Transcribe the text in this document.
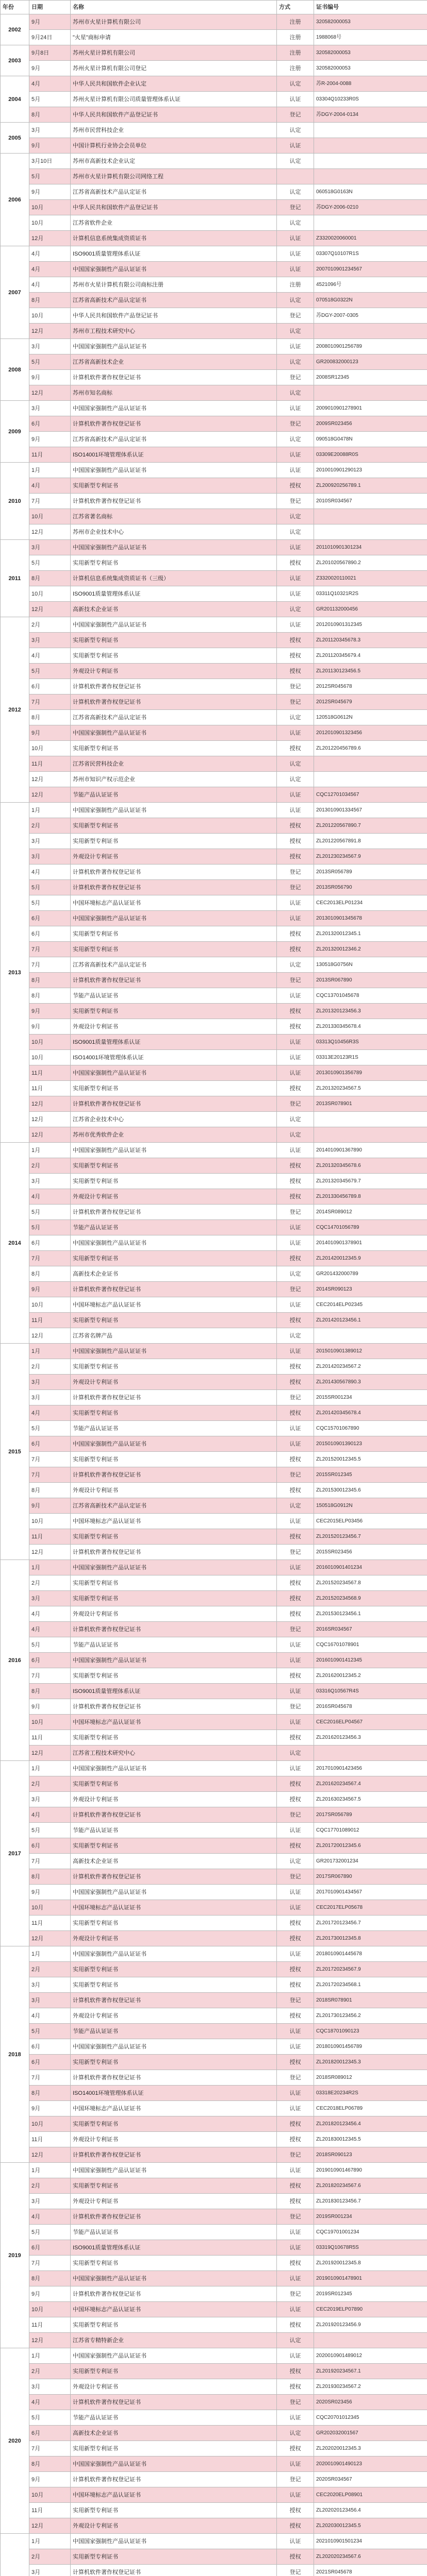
年份	日期	名称	方式	证书编号
2002	9月	苏州市火星计算机有限公司	注册	320582000053
	9月24日	"火星"商标申请	注册	1988068号
2003	9月8日	苏州火星计算机有限公司	注册	320582000053
	9月	苏州火星计算机有限公司登记	注册	320582000053
2004	4月	中华人民共和国软件企业认定	认定	苏R-2004-0088
	5月	苏州火星计算机有限公司质量管理体系认证	认证	03304Q10233R0S
	8月	中华人民共和国软件产品登记证书	登记	苏DGY-2004-0134
2005	3月	苏州市民营科技企业	认定	
	9月	中国计算机行业协会会员单位	认证	
2006	3月10日	苏州市高新技术企业认定	认定	
	5月	苏州市火星计算机有限公司网络工程		
	9月	江苏省高新技术产品认定证书	认定	060518G0163N
	10月	中华人民共和国软件产品登记证书	登记	苏DGY-2006-0210
	10月	江苏省软件企业	认定	
	12月	计算机信息系统集成资质证书	认证	Z3320020060001
2007	4月	ISO9001质量管理体系认证	认证	03307Q10107R1S
	4月	中国国家强制性产品认证证书	认证	2007010901234567
	4月	苏州市火星计算机有限公司商标注册	注册	4521096号
	8月	江苏省高新技术产品认定证书	认定	070518G0322N
	10月	中华人民共和国软件产品登记证书	登记	苏DGY-2007-0305
	12月	苏州市工程技术研究中心	认定	
2008	3月	中国国家强制性产品认证证书	认证	2008010901256789
	5月	江苏省高新技术企业	认定	GR200832000123
	9月	计算机软件著作权登记证书	登记	2008SR12345
	12月	苏州市知名商标	认定	
2009	3月	中国国家强制性产品认证证书	认证	2009010901278901
	6月	计算机软件著作权登记证书	登记	2009SR023456
	9月	江苏省高新技术产品认定证书	认定	090518G0478N
	11月	ISO14001环境管理体系认证	认证	03309E20088R0S
2010	1月	中国国家强制性产品认证证书	认证	2010010901290123
	4月	实用新型专利证书	授权	ZL200920256789.1
	7月	计算机软件著作权登记证书	登记	2010SR034567
	10月	江苏省著名商标	认定	
	12月	苏州市企业技术中心	认定	
2011	3月	中国国家强制性产品认证证书	认证	2011010901301234
	5月	实用新型专利证书	授权	ZL201020567890.2
	8月	计算机信息系统集成资质证书（三级）	认证	Z3320020110021
	10月	ISO9001质量管理体系认证	认证	03311Q10321R2S
	12月	高新技术企业证书	认定	GR201132000456
2012	2月	中国国家强制性产品认证证书	认证	2012010901312345
	3月	实用新型专利证书	授权	ZL201120345678.3
	4月	实用新型专利证书	授权	ZL201120345679.4
	5月	外观设计专利证书	授权	ZL201130123456.5
	6月	计算机软件著作权登记证书	登记	2012SR045678
	7月	计算机软件著作权登记证书	登记	2012SR045679
	8月	江苏省高新技术产品认定证书	认定	120518G0612N
	9月	中国国家强制性产品认证证书	认证	2012010901323456
	10月	实用新型专利证书	授权	ZL201220456789.6
	11月	江苏省民营科技企业	认定	
	12月	苏州市知识产权示范企业	认定	
	12月	节能产品认证证书	认证	CQC12701034567
2013	1月	中国国家强制性产品认证证书	认证	2013010901334567
	2月	实用新型专利证书	授权	ZL201220567890.7
	3月	实用新型专利证书	授权	ZL201220567891.8
	3月	外观设计专利证书	授权	ZL201230234567.9
	4月	计算机软件著作权登记证书	登记	2013SR056789
	5月	计算机软件著作权登记证书	登记	2013SR056790
	5月	中国环境标志产品认证证书	认证	CEC2013ELP01234
	6月	中国国家强制性产品认证证书	认证	2013010901345678
	6月	实用新型专利证书	授权	ZL201320012345.1
	7月	实用新型专利证书	授权	ZL201320012346.2
	7月	江苏省高新技术产品认定证书	认定	130518G0756N
	8月	计算机软件著作权登记证书	登记	2013SR067890
	8月	节能产品认证证书	认证	CQC13701045678
	9月	实用新型专利证书	授权	ZL201320123456.3
	9月	外观设计专利证书	授权	ZL201330345678.4
	10月	ISO9001质量管理体系认证	认证	03313Q10456R3S
	10月	ISO14001环境管理体系认证	认证	03313E20123R1S
	11月	中国国家强制性产品认证证书	认证	2013010901356789
	11月	实用新型专利证书	授权	ZL201320234567.5
	12月	计算机软件著作权登记证书	登记	2013SR078901
	12月	江苏省企业技术中心	认定	
	12月	苏州市优秀软件企业	认定	
2014	1月	中国国家强制性产品认证证书	认证	2014010901367890
	2月	实用新型专利证书	授权	ZL201320345678.6
	3月	实用新型专利证书	授权	ZL201320345679.7
	4月	外观设计专利证书	授权	ZL201330456789.8
	5月	计算机软件著作权登记证书	登记	2014SR089012
	5月	节能产品认证证书	认证	CQC14701056789
	6月	中国国家强制性产品认证证书	认证	2014010901378901
	7月	实用新型专利证书	授权	ZL201420012345.9
	8月	高新技术企业证书	认定	GR201432000789
	9月	计算机软件著作权登记证书	登记	2014SR090123
	10月	中国环境标志产品认证证书	认证	CEC2014ELP02345
	11月	实用新型专利证书	授权	ZL201420123456.1
	12月	江苏省名牌产品	认定	
2015	1月	中国国家强制性产品认证证书	认证	2015010901389012
	2月	实用新型专利证书	授权	ZL201420234567.2
	3月	外观设计专利证书	授权	ZL201430567890.3
	3月	计算机软件著作权登记证书	登记	2015SR001234
	4月	实用新型专利证书	授权	ZL201420345678.4
	5月	节能产品认证证书	认证	CQC15701067890
	6月	中国国家强制性产品认证证书	认证	2015010901390123
	7月	实用新型专利证书	授权	ZL201520012345.5
	7月	计算机软件著作权登记证书	登记	2015SR012345
	8月	外观设计专利证书	授权	ZL201530012345.6
	9月	江苏省高新技术产品认定证书	认定	150518G0912N
	10月	中国环境标志产品认证证书	认证	CEC2015ELP03456
	11月	实用新型专利证书	授权	ZL201520123456.7
	12月	计算机软件著作权登记证书	登记	2015SR023456
2016	1月	中国国家强制性产品认证证书	认证	2016010901401234
	2月	实用新型专利证书	授权	ZL201520234567.8
	3月	实用新型专利证书	授权	ZL201520234568.9
	4月	外观设计专利证书	授权	ZL201530123456.1
	4月	计算机软件著作权登记证书	登记	2016SR034567
	5月	节能产品认证证书	认证	CQC16701078901
	6月	中国国家强制性产品认证证书	认证	2016010901412345
	7月	实用新型专利证书	授权	ZL201620012345.2
	8月	ISO9001质量管理体系认证	认证	03316Q10567R4S
	9月	计算机软件著作权登记证书	登记	2016SR045678
	10月	中国环境标志产品认证证书	认证	CEC2016ELP04567
	11月	实用新型专利证书	授权	ZL201620123456.3
	12月	江苏省工程技术研究中心	认定	
2017	1月	中国国家强制性产品认证证书	认证	2017010901423456
	2月	实用新型专利证书	授权	ZL201620234567.4
	3月	外观设计专利证书	授权	ZL201630234567.5
	4月	计算机软件著作权登记证书	登记	2017SR056789
	5月	节能产品认证证书	认证	CQC17701089012
	6月	实用新型专利证书	授权	ZL201720012345.6
	7月	高新技术企业证书	认定	GR201732001234
	8月	计算机软件著作权登记证书	登记	2017SR067890
	9月	中国国家强制性产品认证证书	认证	2017010901434567
	10月	中国环境标志产品认证证书	认证	CEC2017ELP05678
	11月	实用新型专利证书	授权	ZL201720123456.7
	12月	外观设计专利证书	授权	ZL201730012345.8
2018	1月	中国国家强制性产品认证证书	认证	2018010901445678
	2月	实用新型专利证书	授权	ZL201720234567.9
	3月	实用新型专利证书	授权	ZL201720234568.1
	3月	计算机软件著作权登记证书	登记	2018SR078901
	4月	外观设计专利证书	授权	ZL201730123456.2
	5月	节能产品认证证书	认证	CQC18701090123
	6月	中国国家强制性产品认证证书	认证	2018010901456789
	6月	实用新型专利证书	授权	ZL201820012345.3
	7月	计算机软件著作权登记证书	登记	2018SR089012
	8月	ISO14001环境管理体系认证	认证	03318E20234R2S
	9月	中国环境标志产品认证证书	认证	CEC2018ELP06789
	10月	实用新型专利证书	授权	ZL201820123456.4
	11月	外观设计专利证书	授权	ZL201830012345.5
	12月	计算机软件著作权登记证书	登记	2018SR090123
2019	1月	中国国家强制性产品认证证书	认证	2019010901467890
	2月	实用新型专利证书	授权	ZL201820234567.6
	3月	外观设计专利证书	授权	ZL201830123456.7
	4月	计算机软件著作权登记证书	登记	2019SR001234
	5月	节能产品认证证书	认证	CQC19701001234
	6月	ISO9001质量管理体系认证	认证	03319Q10678R5S
	7月	实用新型专利证书	授权	ZL201920012345.8
	8月	中国国家强制性产品认证证书	认证	2019010901478901
	9月	计算机软件著作权登记证书	登记	2019SR012345
	10月	中国环境标志产品认证证书	认证	CEC2019ELP07890
	11月	实用新型专利证书	授权	ZL201920123456.9
	12月	江苏省专精特新企业	认定	
2020	1月	中国国家强制性产品认证证书	认证	2020010901489012
	2月	实用新型专利证书	授权	ZL201920234567.1
	3月	外观设计专利证书	授权	ZL201930234567.2
	4月	计算机软件著作权登记证书	登记	2020SR023456
	5月	节能产品认证证书	认证	CQC20701012345
	6月	高新技术企业证书	认定	GR202032001567
	7月	实用新型专利证书	授权	ZL202020012345.3
	8月	中国国家强制性产品认证证书	认证	2020010901490123
	9月	计算机软件著作权登记证书	登记	2020SR034567
	10月	中国环境标志产品认证证书	认证	CEC2020ELP08901
	11月	实用新型专利证书	授权	ZL202020123456.4
	12月	外观设计专利证书	授权	ZL202030012345.5
	1月	中国国家强制性产品认证证书	认证	2021010901501234
	2月	实用新型专利证书	授权	ZL202020234567.6
	3月	计算机软件著作权登记证书	登记	2021SR045678
